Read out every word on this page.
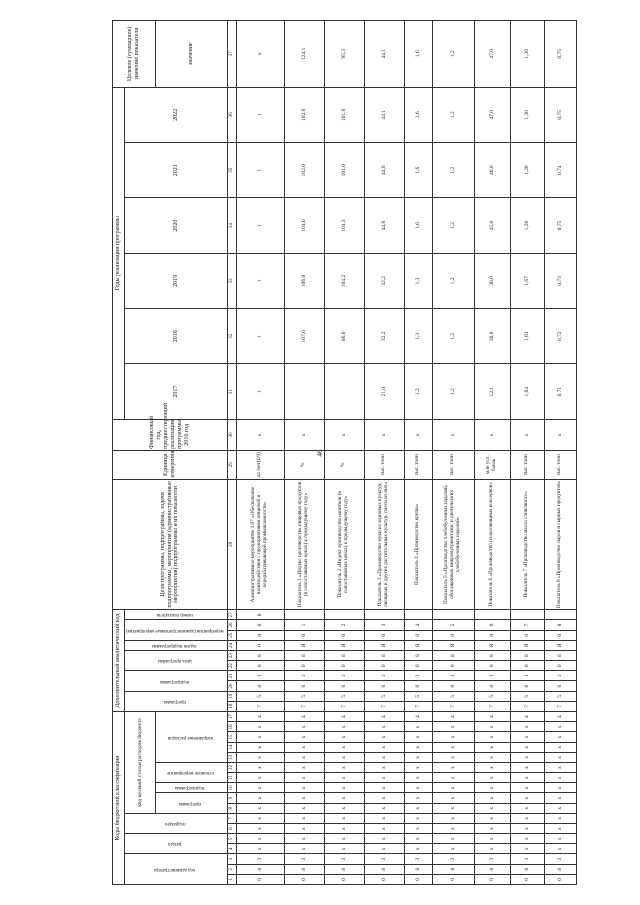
46
Коды бюджетной классификации																	Дополнительный аналитический код										Цели программы, подпрограммы, задачи подпрограммы, мероприятия (административные мероприятия) подпрограммы и их показатели	Единица измерения	Финансовый год, предшествующий реализации программы, 2016 год	Годы реализации программы						Целевое (суммарное) значение показателя
код администратора			раздел		подраздел		код целевой статьи расходов бюджета										программа		подпрограмма		цель программы		задачи подпрограммы	мероприятия (административные мероприятия)		номер показателя				2017	2018	2019	2020	2021	2022	
							программа		подпрограмма	основное мероприятие		направление расходов																								значение
1	2	3	4	5	6	7	8	9	10	11	12	13	14	15	16	17	18	19	20	21	22	23	24	25	26	27	28	29	30	31	32	33	34	35	36	37
0	8	3	х	х	х	х	х	х	х	х	х	х	х	х	х	4	7	5	0	1	0	8	0	0	0	0	Административное мероприятие 1.07 «Обеспечение взаимодействия с предприятиями пищевой и перерабатывающей промышленности»	да /нет(1/0)	х	1	1	1	1	1	1	х
0	8	3	х	х	х	х	х	х	х	х	х	х	х	х	х	4	7	5	0	1	0	8	Я	0	1		Показатель 1 «Индекс производства пищевых продуктов (в сопоставимых ценах) к предыдущему году»	%	х		107,6	106,0	104,6	102,0	102,0	124,1
0	8	3	х	х	х	х	х	х	х	х	х	х	х	х	х	4	7	5	0	1	0	8	Я	0	2		Показатель 2 «Индекс производства напитков (в сопоставимых ценах) к предыдущему году»	%	х		86,0	104,2	104,3	101,0	101,0	95,3
0	8	3	х	х	х	х	х	х	х	х	х	х	х	х	х	4	7	5	0	1	0	8	Я	0	3		Показатель 3 «Производство муки из зерновых культур, овощных и других растительных культур, смеси из них»	тыс. тонн	х	21,0	32,2	32,2	44,0	44,0	44,1	44,1
0	8	3	х	х	х	х	х	х	х	х	х	х	х	х	х	4	7	5	0	1	0	8	Я	0	4		Показатель 4 «Производство крупы»	тыс. тонн	х	1,2	1,3	1,3	1,6	1,6	1,6	1,6
0	8	3	х	х	х	х	х	х	х	х	х	х	х	х	х	4	7	5	0	1	0	8	Я	0	5		Показатель 5 «Производство хлебобулочных изделий, обогащенных микронутриентами, и диетических хлебобулочных изделий»	тыс. тонн	х	1,2	1,2	1,2	1,2	1,2	1,2	1,2
0	8	3	х	х	х	х	х	х	х	х	х	х	х	х	х	4	7	5	0	1	0	8	Я	0	6		Показатель 6 «Производство плодоовощных консервов»	млн усл. банок	х	12,1	30,0	30,0	45,0	46,0	47,0	47,0
0	8	3	х	х	х	х	х	х	х	х	х	х	х	х	х	4	7	5	0	1	0	8	Я	0	7		Показатель 7 «Производство масла сливочного»	тыс. тонн	х	1,64	1,63	1,67	1,20	1,20	1,30	1,30
0	8	3	х	х	х	х	х	х	х	х	х	х	х	х	х	4	7	5	0	1	0	8	Я	0	8		Показатель 8 «Производство сыров и сырных продуктов»	тыс. тонн	х	0,71	0,72	0,73	0,75	0,74	0,75	0,75
